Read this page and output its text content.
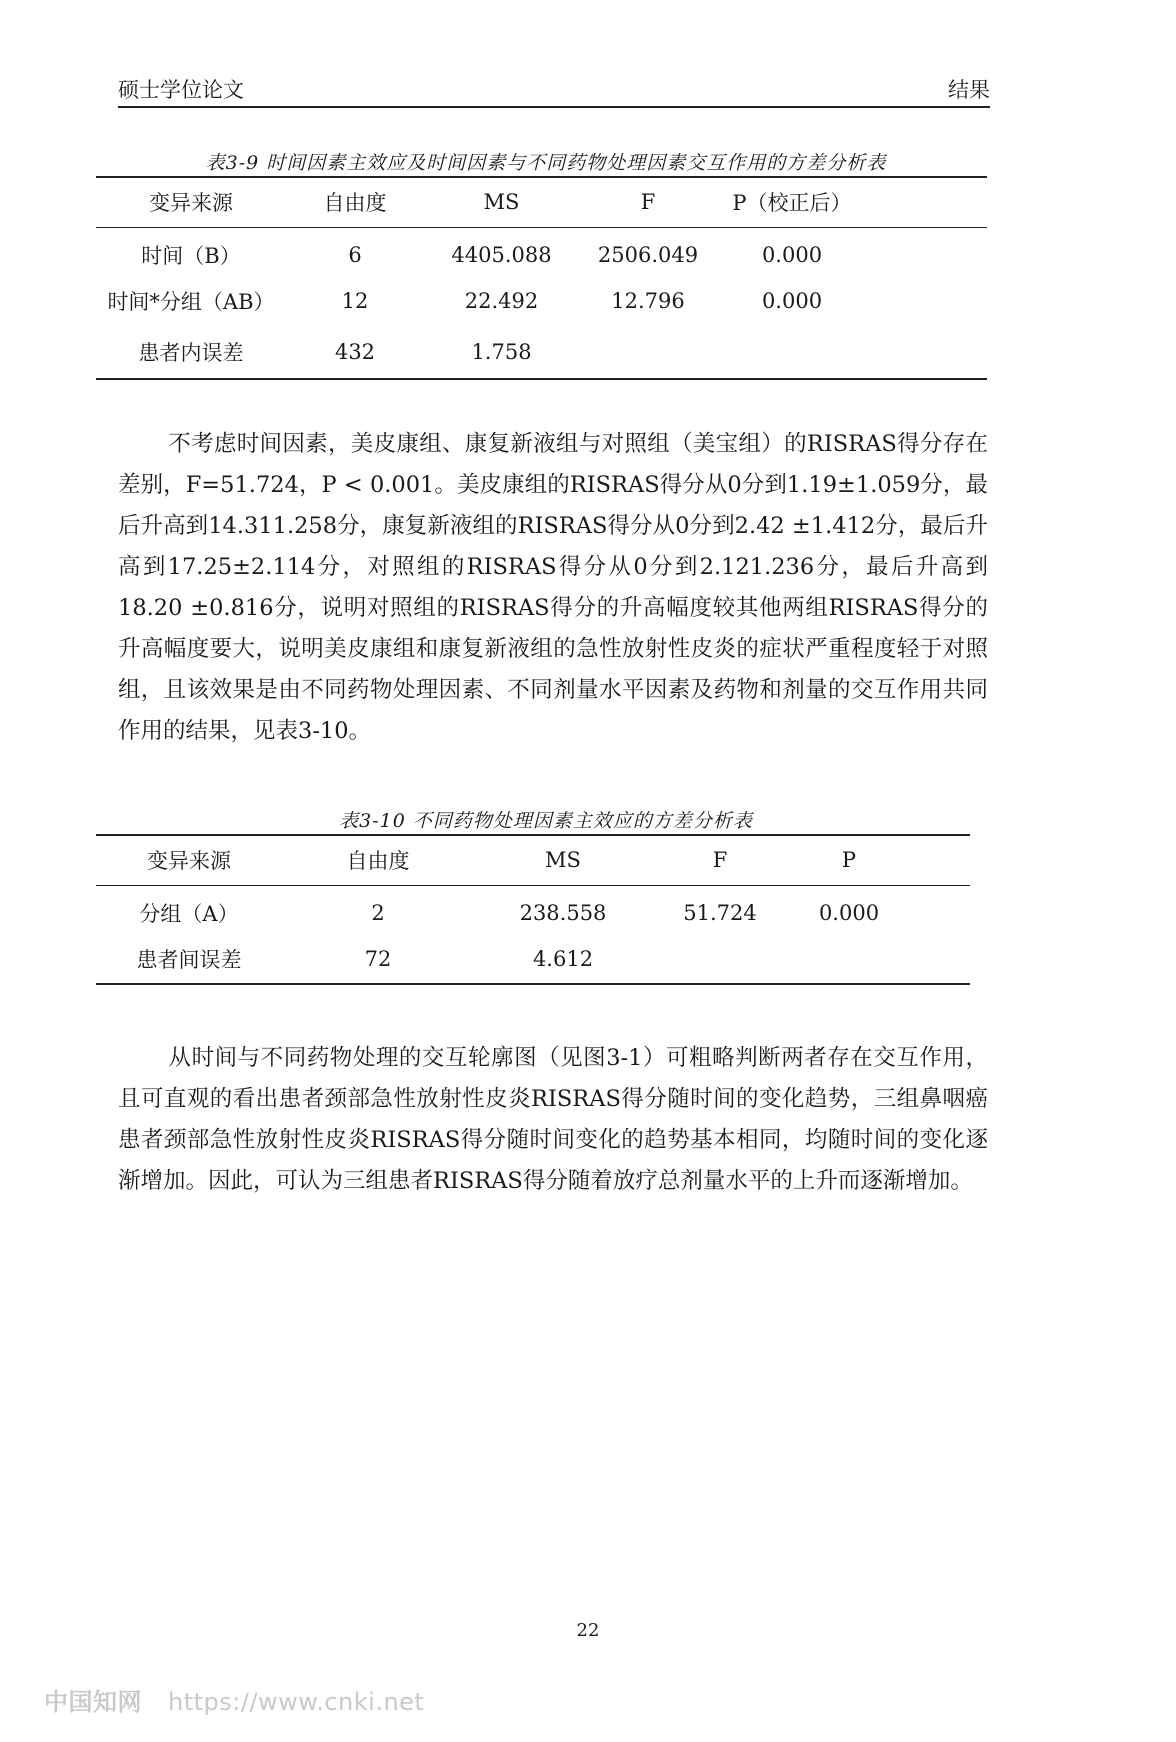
硕士学位论文	结果
表3-9 时间因素主效应及时间因素与不同药物处理因素交互作用的方差分析表
变异来源	自由度	MS	F	P（校正后）	
时间（B）	6	4405.088	2506.049	0.000	
时间*分组（AB）	12	22.492	12.796	0.000	
患者内误差	432	1.758			

不考虑时间因素，美皮康组、康复新液组与对照组（美宝组）的RISRAS得分存在差别，F=51.724，P < 0.001。美皮康组的RISRAS得分从0分到1.19±1.059分，最后升高到14.311.258分，康复新液组的RISRAS得分从0分到2.42 ±1.412分，最后升高到17.25±2.114分，对照组的RISRAS得分从0分到2.121.236分，最后升高到18.20 ±0.816分，说明对照组的RISRAS得分的升高幅度较其他两组RISRAS得分的升高幅度要大，说明美皮康组和康复新液组的急性放射性皮炎的症状严重程度轻于对照组，且该效果是由不同药物处理因素、不同剂量水平因素及药物和剂量的交互作用共同作用的结果，见表3-10。

表3-10 不同药物处理因素主效应的方差分析表
变异来源	自由度	MS	F	P	
分组（A）	2	238.558	51.724	0.000	
患者间误差	72	4.612			

从时间与不同药物处理的交互轮廓图（见图3-1）可粗略判断两者存在交互作用，且可直观的看出患者颈部急性放射性皮炎RISRAS得分随时间的变化趋势，三组鼻咽癌患者颈部急性放射性皮炎RISRAS得分随时间变化的趋势基本相同，均随时间的变化逐渐增加。因此，可认为三组患者RISRAS得分随着放疗总剂量水平的上升而逐渐增加。

22
中国知网 https://www.cnki.net
